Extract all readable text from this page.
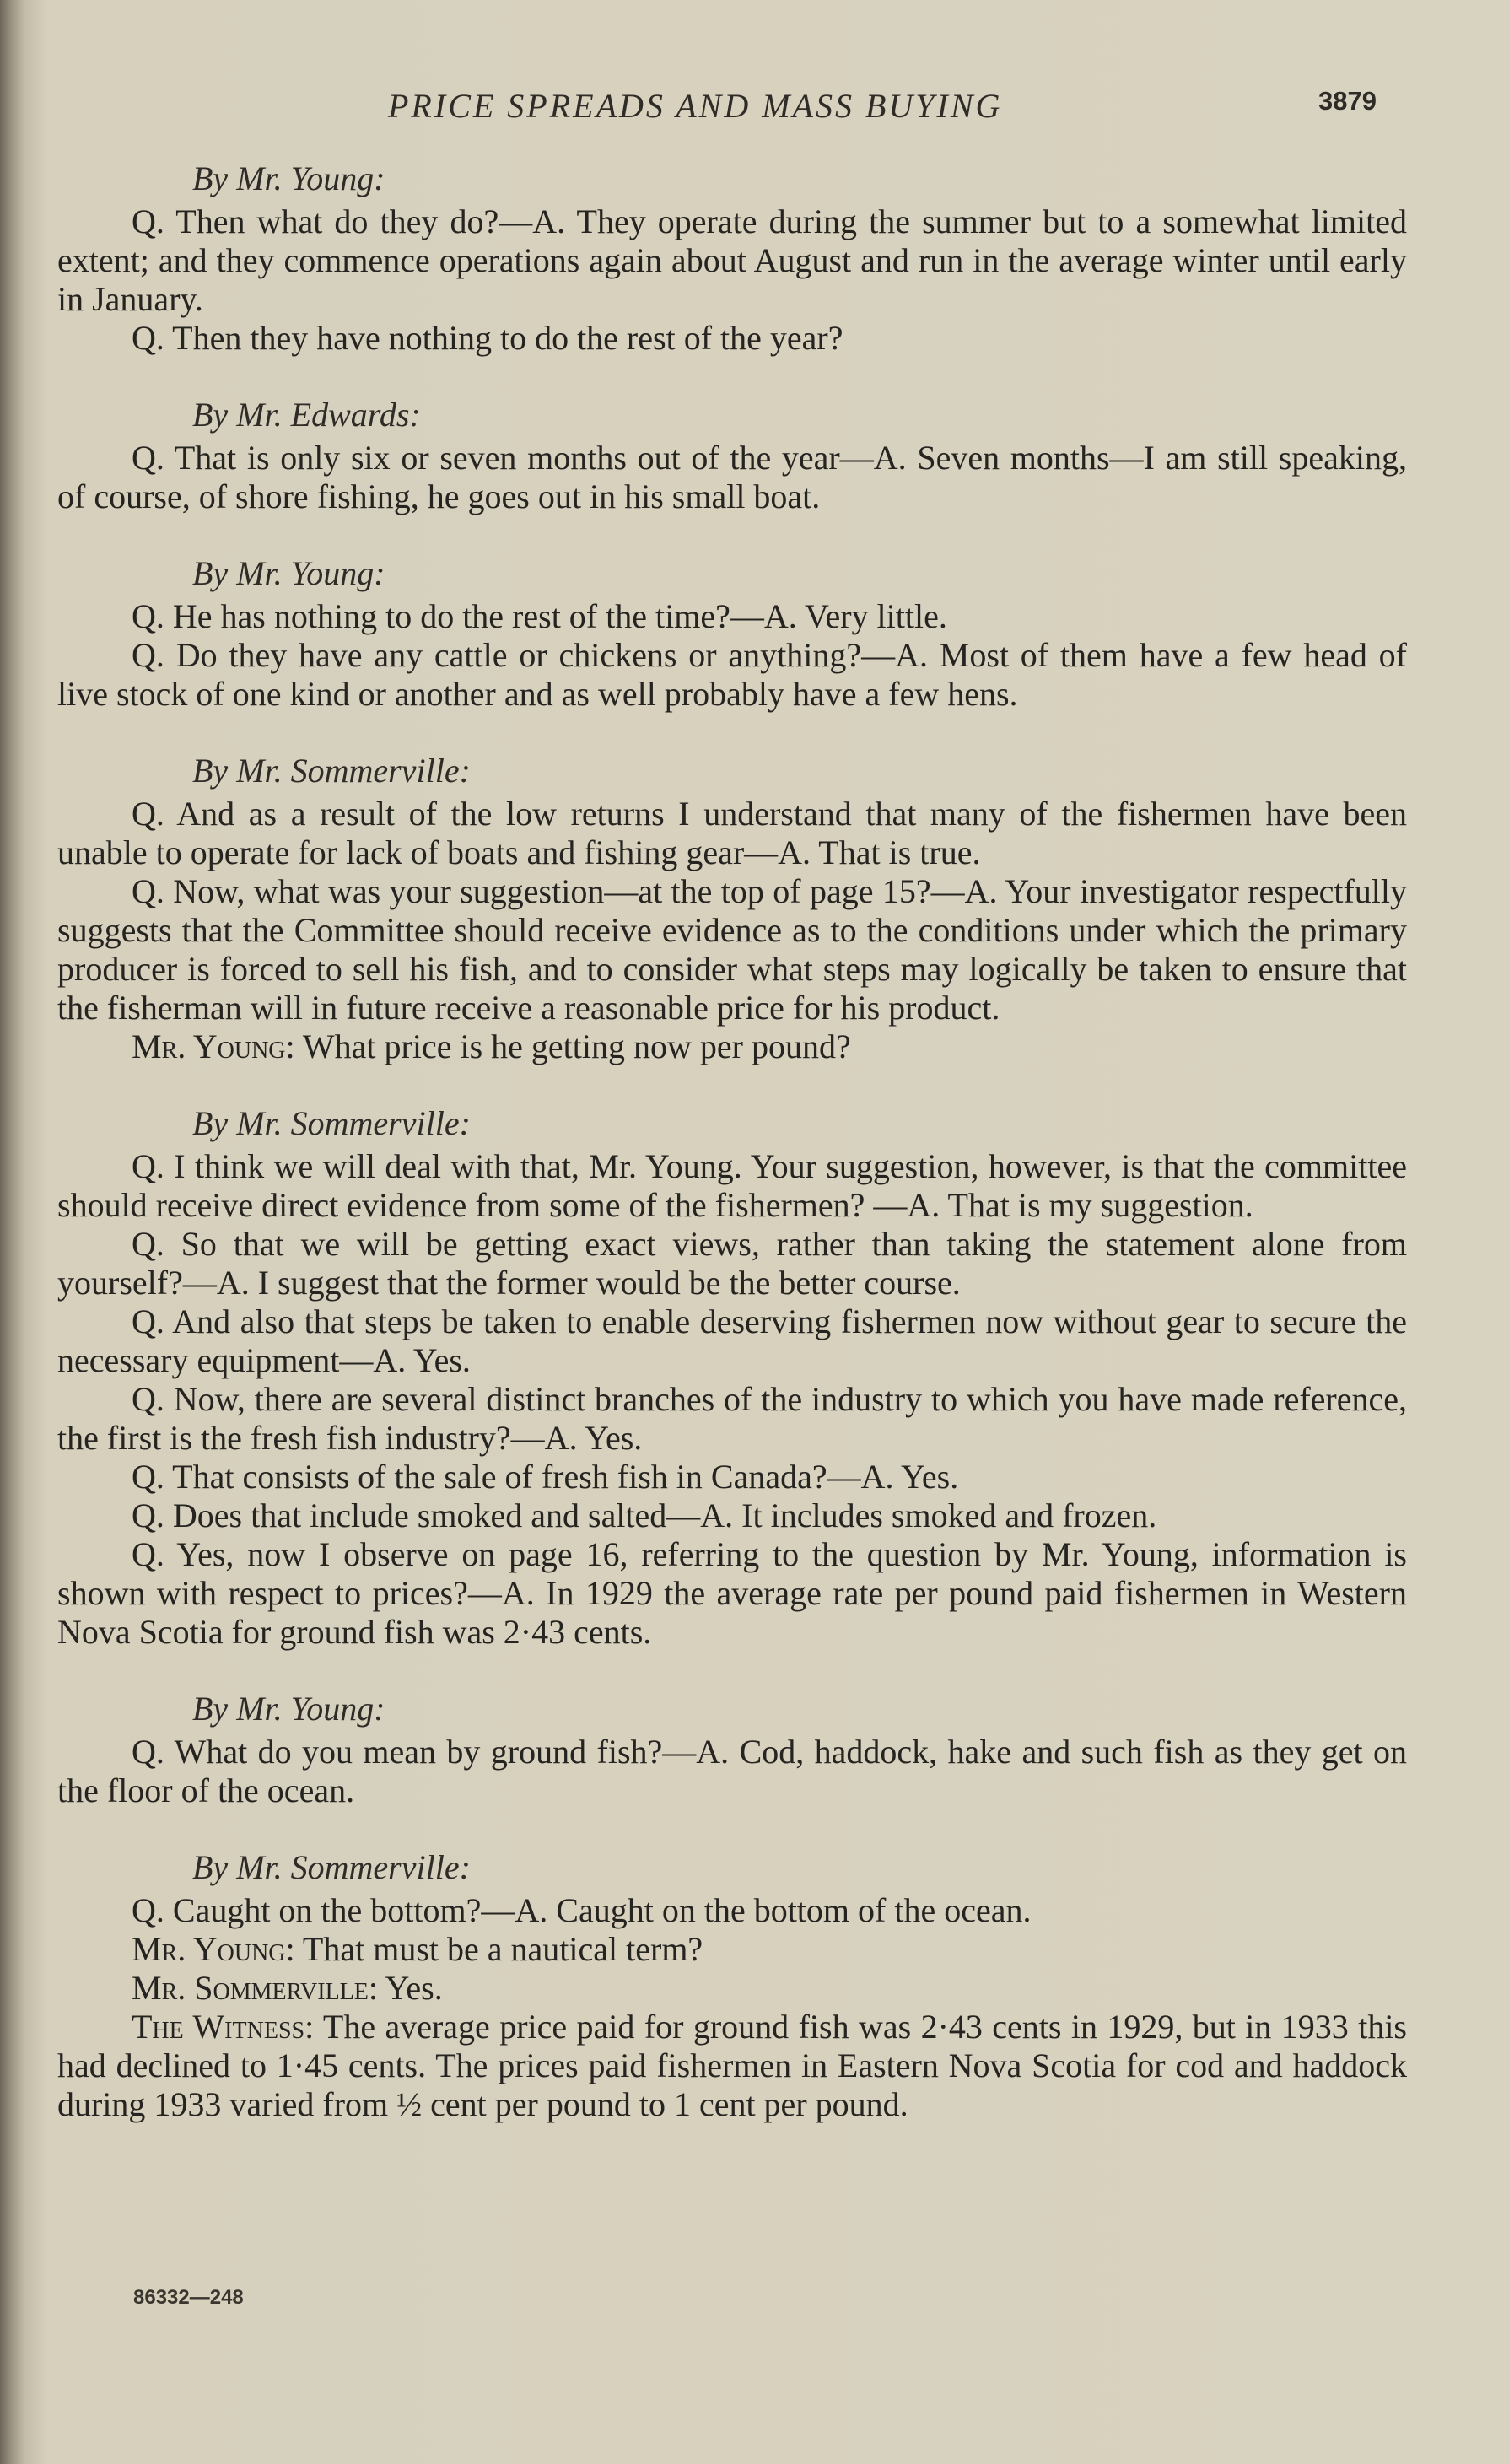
PRICE SPREADS AND MASS BUYING	3879
By Mr. Young:

Q. Then what do they do?—A. They operate during the summer but to a somewhat limited extent; and they commence operations again about August and run in the average winter until early in January.

Q. Then they have nothing to do the rest of the year?

By Mr. Edwards:

Q. That is only six or seven months out of the year—A. Seven months—I am still speaking, of course, of shore fishing, he goes out in his small boat.

By Mr. Young:

Q. He has nothing to do the rest of the time?—A. Very little.

Q. Do they have any cattle or chickens or anything?—A. Most of them have a few head of live stock of one kind or another and as well probably have a few hens.

By Mr. Sommerville:

Q. And as a result of the low returns I understand that many of the fishermen have been unable to operate for lack of boats and fishing gear—A. That is true.

Q. Now, what was your suggestion—at the top of page 15?—A. Your investigator respectfully suggests that the Committee should receive evidence as to the conditions under which the primary producer is forced to sell his fish, and to consider what steps may logically be taken to ensure that the fisherman will in future receive a reasonable price for his product.

Mr. Young: What price is he getting now per pound?

By Mr. Sommerville:

Q. I think we will deal with that, Mr. Young. Your suggestion, however, is that the committee should receive direct evidence from some of the fishermen? —A. That is my suggestion.

Q. So that we will be getting exact views, rather than taking the statement alone from yourself?—A. I suggest that the former would be the better course.

Q. And also that steps be taken to enable deserving fishermen now without gear to secure the necessary equipment—A. Yes.

Q. Now, there are several distinct branches of the industry to which you have made reference, the first is the fresh fish industry?—A. Yes.

Q. That consists of the sale of fresh fish in Canada?—A. Yes.

Q. Does that include smoked and salted—A. It includes smoked and frozen.

Q. Yes, now I observe on page 16, referring to the question by Mr. Young, information is shown with respect to prices?—A. In 1929 the average rate per pound paid fishermen in Western Nova Scotia for ground fish was 2·43 cents.

By Mr. Young:

Q. What do you mean by ground fish?—A. Cod, haddock, hake and such fish as they get on the floor of the ocean.

By Mr. Sommerville:

Q. Caught on the bottom?—A. Caught on the bottom of the ocean.

Mr. Young: That must be a nautical term?

Mr. Sommerville: Yes.

The Witness: The average price paid for ground fish was 2·43 cents in 1929, but in 1933 this had declined to 1·45 cents. The prices paid fishermen in Eastern Nova Scotia for cod and haddock during 1933 varied from ½ cent per pound to 1 cent per pound.

86332—248
